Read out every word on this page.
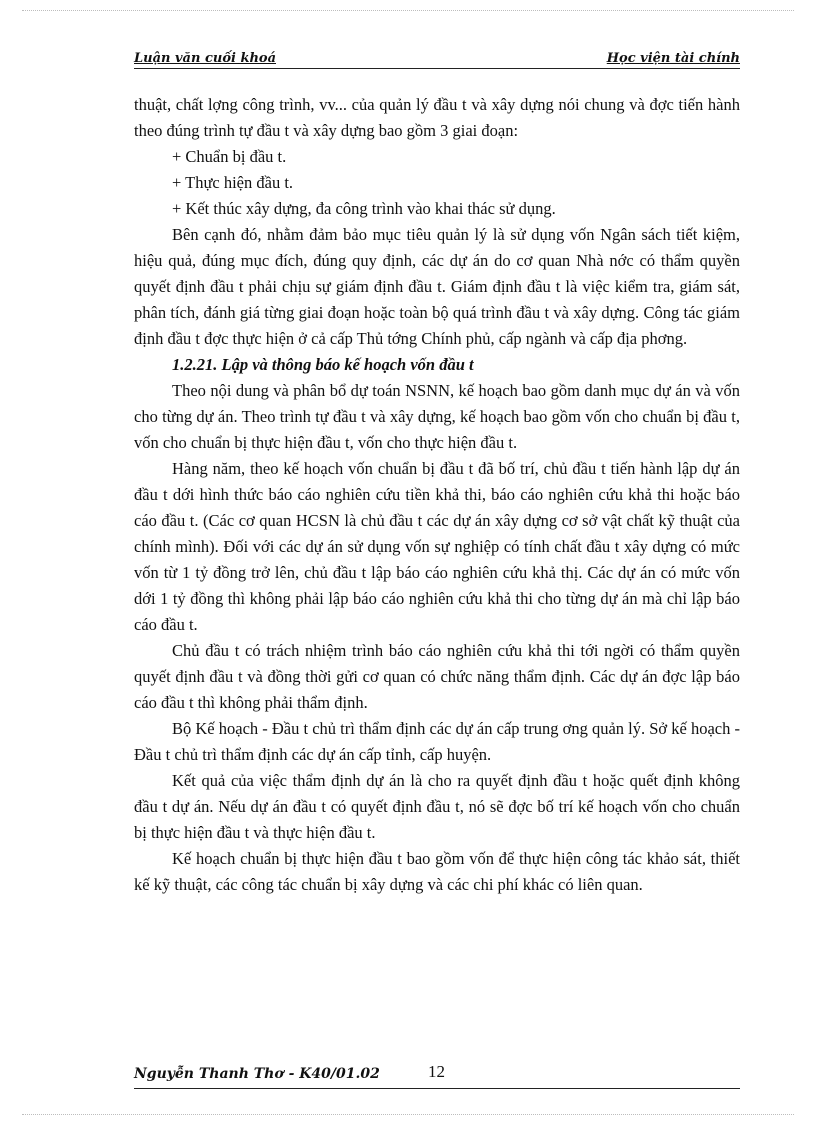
Luận văn cuối khoá	Học viện tài chính

thuật, chất lợng công trình, vv... của quản lý đầu t và xây dựng nói chung và đợc tiến hành theo đúng trình tự đầu t và xây dựng bao gồm 3 giai đoạn:

+ Chuẩn bị đầu t.

+ Thực hiện đầu t.

+ Kết thúc xây dựng, đa công trình vào khai thác sử dụng.

Bên cạnh đó, nhằm đảm bảo mục tiêu quản lý là sử dụng vốn Ngân sách tiết kiệm, hiệu quả, đúng mục đích, đúng quy định, các dự án do cơ quan Nhà nớc có thẩm quyền quyết định đầu t phải chịu sự giám định đầu t. Giám định đầu t là việc kiểm tra, giám sát, phân tích, đánh giá từng giai đoạn hoặc toàn bộ quá trình đầu t và xây dựng. Công tác giám định đầu t đợc thực hiện ở cả cấp Thủ tớng Chính phủ, cấp ngành và cấp địa phơng.

1.2.21. Lập và thông báo kế hoạch vốn đầu t

Theo nội dung và phân bổ dự toán NSNN, kế hoạch bao gồm danh mục dự án và vốn cho từng dự án. Theo trình tự đầu t và xây dựng, kế hoạch bao gồm vốn cho chuẩn bị đầu t, vốn cho chuẩn bị thực hiện đầu t, vốn cho thực hiện đầu t.

Hàng năm, theo kế hoạch vốn chuẩn bị đầu t đã bố trí, chủ đầu t tiến hành lập dự án đầu t dới hình thức báo cáo nghiên cứu tiền khả thi, báo cáo nghiên cứu khả thi hoặc báo cáo đầu t. (Các cơ quan HCSN là chủ đầu t các dự án xây dựng cơ sở vật chất kỹ thuật của chính mình). Đối với các dự án sử dụng vốn sự nghiệp có tính chất đầu t xây dựng có mức vốn từ 1 tỷ đồng trở lên, chủ đầu t lập báo cáo nghiên cứu khả thị. Các dự án có mức vốn dới 1 tỷ đồng thì không phải lập báo cáo nghiên cứu khả thi cho từng dự án mà chỉ lập báo cáo đầu t.

Chủ đầu t có trách nhiệm trình báo cáo nghiên cứu khả thi tới ngời có thẩm quyền quyết định đầu t và đồng thời gửi cơ quan có chức năng thẩm định. Các dự án đợc lập báo cáo đầu t thì không phải thẩm định.

Bộ Kế hoạch - Đầu t chủ trì thẩm định các dự án cấp trung ơng quản lý. Sở kế hoạch - Đầu t chủ trì thẩm định các dự án cấp tỉnh, cấp huyện.

Kết quả của việc thẩm định dự án là cho ra quyết định đầu t hoặc quết định không đầu t dự án. Nếu dự án đầu t có quyết định đầu t, nó sẽ đợc bố trí kế hoạch vốn cho chuẩn bị thực hiện đầu t và thực hiện đầu t.

Kế hoạch chuẩn bị thực hiện đầu t bao gồm vốn để thực hiện công tác khảo sát, thiết kế kỹ thuật, các công tác chuẩn bị xây dựng và các chi phí khác có liên quan.

Nguyễn Thanh Thơ - K40/01.02	12
